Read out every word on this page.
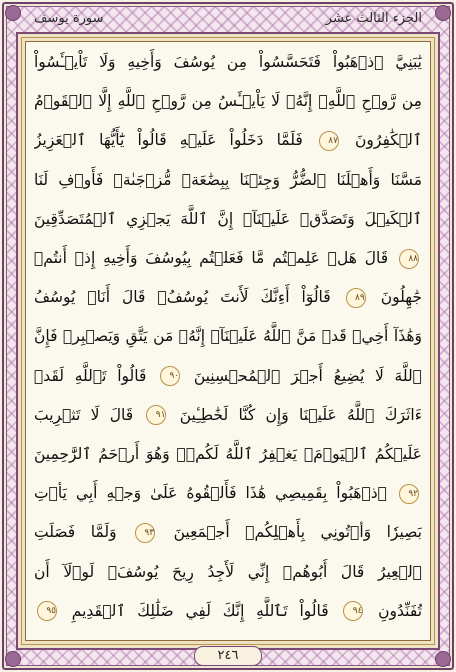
الجزء الثالث عشر
سورة يوسف
يَٰبَنِيَّ ٱذۡهَبُواْ فَتَحَسَّسُواْ مِن يُوسُفَ وَأَخِيهِ وَلَا تَاْيۡـَٔسُواْ
مِن رَّوۡحِ ٱللَّهِۖ إِنَّهُۥ لَا يَاْيۡـَٔسُ مِن رَّوۡحِ ٱللَّهِ إِلَّا ٱلۡقَوۡمُ
ٱلۡكَٰفِرُونَ ٨٧ فَلَمَّا دَخَلُواْ عَلَيۡهِ قَالُواْ يَٰٓأَيُّهَا ٱلۡعَزِيزُ
مَسَّنَا وَأَهۡلَنَا ٱلضُّرُّ وَجِئۡنَا بِبِضَٰعَةٖ مُّزۡجَىٰةٖ فَأَوۡفِ لَنَا
ٱلۡكَيۡلَ وَتَصَدَّقۡ عَلَيۡنَآۖ إِنَّ ٱللَّهَ يَجۡزِي ٱلۡمُتَصَدِّقِينَ
٨٨ قَالَ هَلۡ عَلِمۡتُم مَّا فَعَلۡتُم بِيُوسُفَ وَأَخِيهِ إِذۡ أَنتُمۡ
جَٰهِلُونَ ٨٩ قَالُوٓاْ أَءِنَّكَ لَأَنتَ يُوسُفُۖ قَالَ أَنَا۠ يُوسُفُ
وَهَٰذَآ أَخِيۖ قَدۡ مَنَّ ٱللَّهُ عَلَيۡنَآۖ إِنَّهُۥ مَن يَتَّقِ وَيَصۡبِرۡ فَإِنَّ
ٱللَّهَ لَا يُضِيعُ أَجۡرَ ٱلۡمُحۡسِنِينَ ٩٠ قَالُواْ تَٱللَّهِ لَقَدۡ
ءَاثَرَكَ ٱللَّهُ عَلَيۡنَا وَإِن كُنَّا لَخَٰطِـِٔينَ ٩١ قَالَ لَا تَثۡرِيبَ
عَلَيۡكُمُ ٱلۡيَوۡمَۖ يَغۡفِرُ ٱللَّهُ لَكُمۡۖ وَهُوَ أَرۡحَمُ ٱلرَّٰحِمِينَ
٩٢ ٱذۡهَبُواْ بِقَمِيصِي هَٰذَا فَأَلۡقُوهُ عَلَىٰ وَجۡهِ أَبِي يَأۡتِ
بَصِيرٗا وَأۡتُونِي بِأَهۡلِكُمۡ أَجۡمَعِينَ ٩٣ وَلَمَّا فَصَلَتِ
ٱلۡعِيرُ قَالَ أَبُوهُمۡ إِنِّي لَأَجِدُ رِيحَ يُوسُفَۖ لَوۡلَآ أَن
تُفَنِّدُونِ ٩٤ قَالُواْ تَٱللَّهِ إِنَّكَ لَفِي ضَلَٰلِكَ ٱلۡقَدِيمِ ٩٥
٢٤٦
